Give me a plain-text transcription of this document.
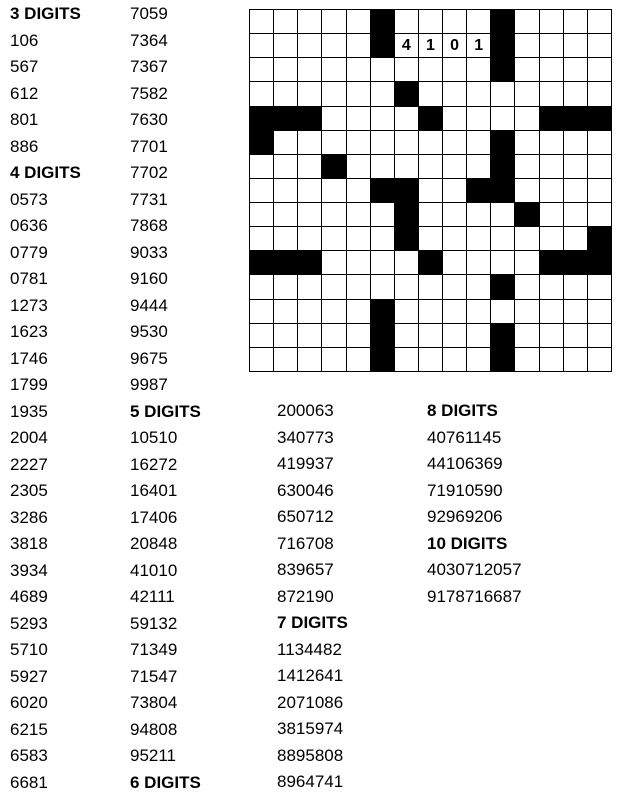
3 DIGITS
106
567
612
801
886
4 DIGITS
0573
0636
0779
0781
1273
1623
1746
1799
1935
2004
2227
2305
3286
3818
3934
4689
5293
5710
5927
6020
6215
6583
6681
7059
7364
7367
7582
7630
7701
7702
7731
7868
9033
9160
9444
9530
9675
9987
5 DIGITS
10510
16272
16401
17406
20848
41010
42111
59132
71349
71547
73804
94808
95211
6 DIGITS
200063
340773
419937
630046
650712
716708
839657
872190
7 DIGITS
1134482
1412641
2071086
3815974
8895808
8964741
8 DIGITS
40761145
44106369
71910590
92969206
10 DIGITS
4030712057
9178716687
4 1 0 1 0
